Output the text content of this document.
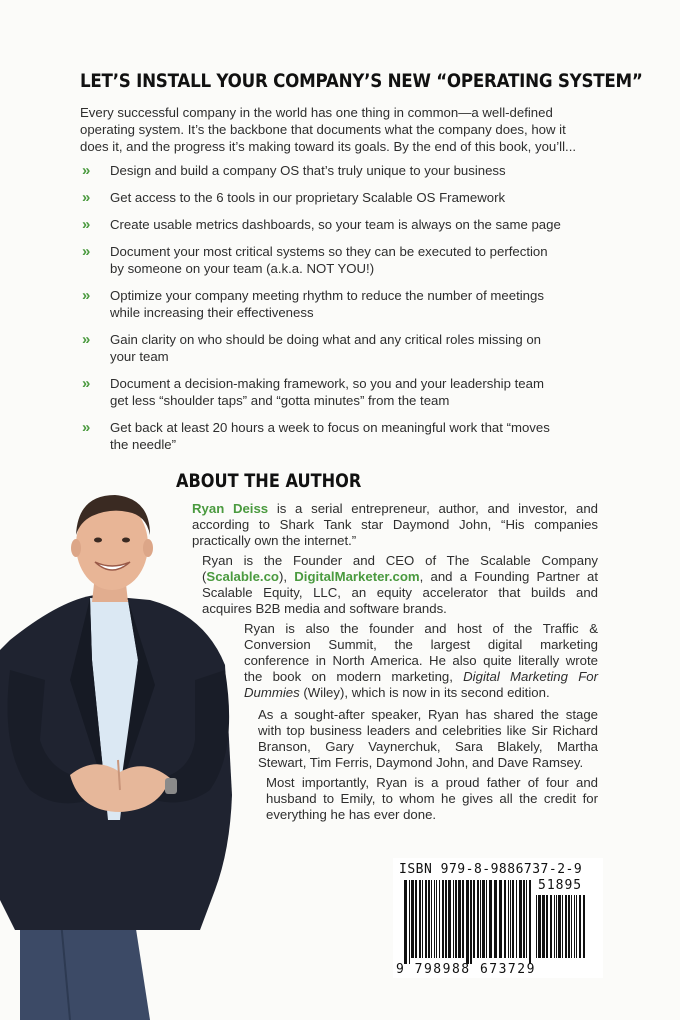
LET’S INSTALL YOUR COMPANY’S NEW “OPERATING SYSTEM”
Every successful company in the world has one thing in common—a well-defined
operating system. It’s the backbone that documents what the company does, how it
does it, and the progress it’s making toward its goals. By the end of this book, you’ll...
» Design and build a company OS that’s truly unique to your business
» Get access to the 6 tools in our proprietary Scalable OS Framework
» Create usable metrics dashboards, so your team is always on the same page
» Document your most critical systems so they can be executed to perfection
by someone on your team (a.k.a. NOT YOU!)
» Optimize your company meeting rhythm to reduce the number of meetings
while increasing their effectiveness
» Gain clarity on who should be doing what and any critical roles missing on
your team
» Document a decision-making framework, so you and your leadership team
get less “shoulder taps” and “gotta minutes” from the team
» Get back at least 20 hours a week to focus on meaningful work that “moves
the needle”
ABOUT THE AUTHOR
Ryan Deiss is a serial entrepreneur, author, and investor, and
according to Shark Tank star Daymond John, “His companies
practically own the internet.”
Ryan is the Founder and CEO of The Scalable Company
(Scalable.co), DigitalMarketer.com, and a Founding Partner at
Scalable Equity, LLC, an equity accelerator that builds and
acquires B2B media and software brands.
Ryan is also the founder and host of the Traffic &
Conversion Summit, the largest digital marketing
conference in North America. He also quite literally wrote
the book on modern marketing, Digital Marketing For
Dummies (Wiley), which is now in its second edition.
As a sought-after speaker, Ryan has shared the stage
with top business leaders and celebrities like Sir Richard
Branson, Gary Vaynerchuk, Sara Blakely, Martha
Stewart, Tim Ferris, Daymond John, and Dave Ramsey.
Most importantly, Ryan is a proud father of four and
husband to Emily, to whom he gives all the credit for
everything he has ever done.
ISBN 979-8-9886737-2-9
51895
9 798988 673729
